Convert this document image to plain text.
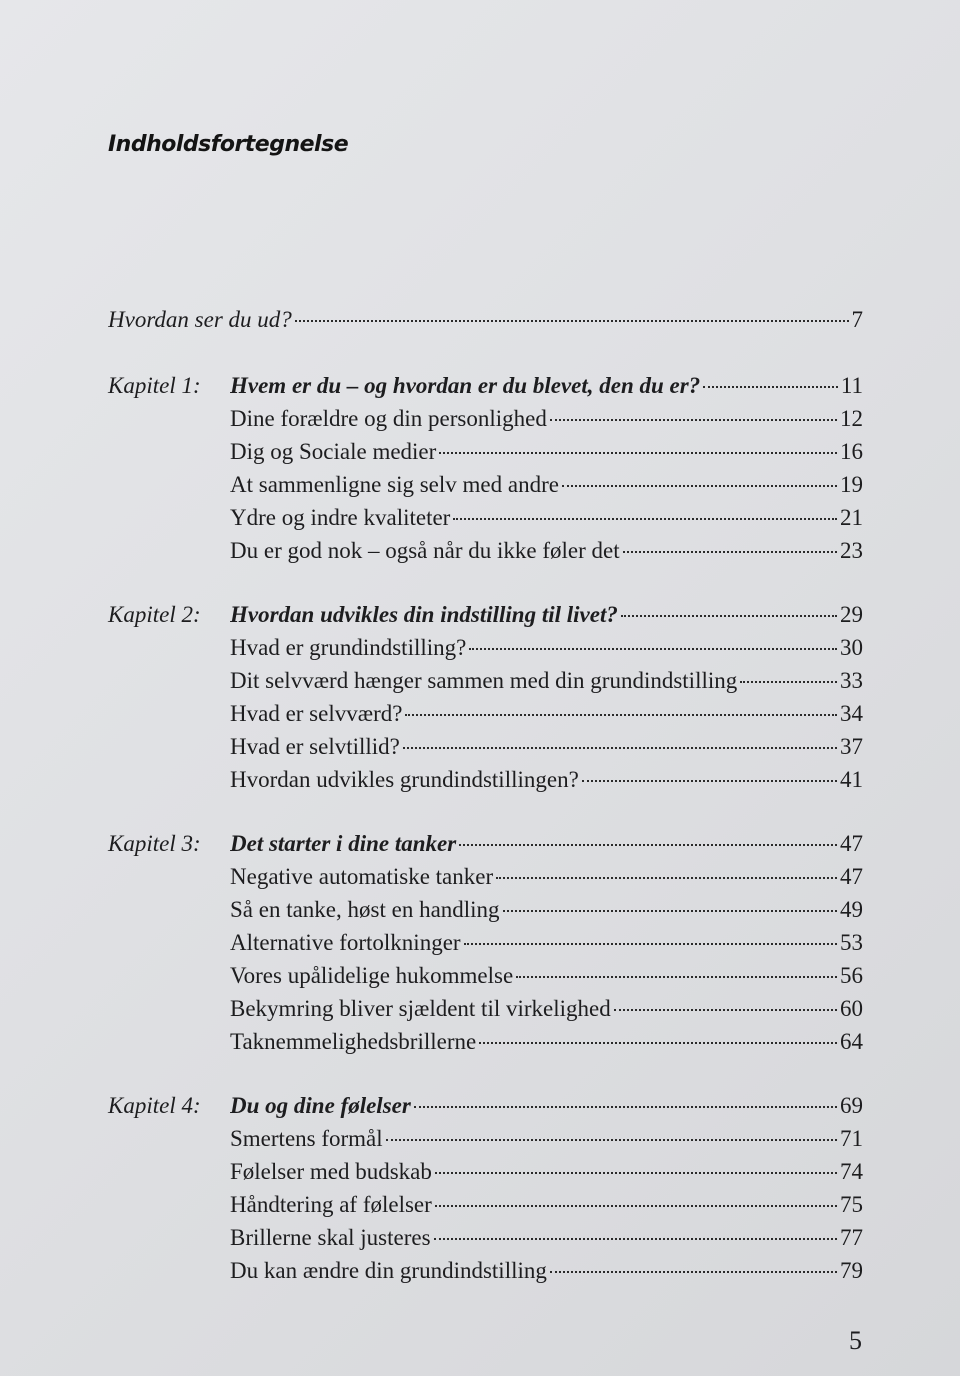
Indholdsfortegnelse
Hvordan ser du ud?	7
Kapitel 1:	Hvem er du – og hvordan er du blevet, den du er?	11
Dine forældre og din personlighed	12
Dig og Sociale medier	16
At sammenligne sig selv med andre	19
Ydre og indre kvaliteter	21
Du er god nok – også når du ikke føler det	23
Kapitel 2:	Hvordan udvikles din indstilling til livet?	29
Hvad er grundindstilling?	30
Dit selvværd hænger sammen med din grundindstilling	33
Hvad er selvværd?	34
Hvad er selvtillid?	37
Hvordan udvikles grundindstillingen?	41
Kapitel 3:	Det starter i dine tanker	47
Negative automatiske tanker	47
Så en tanke, høst en handling	49
Alternative fortolkninger	53
Vores upålidelige hukommelse	56
Bekymring bliver sjældent til virkelighed	60
Taknemmelighedsbrillerne	64
Kapitel 4:	Du og dine følelser	69
Smertens formål	71
Følelser med budskab	74
Håndtering af følelser	75
Brillerne skal justeres	77
Du kan ændre din grundindstilling	79
5
